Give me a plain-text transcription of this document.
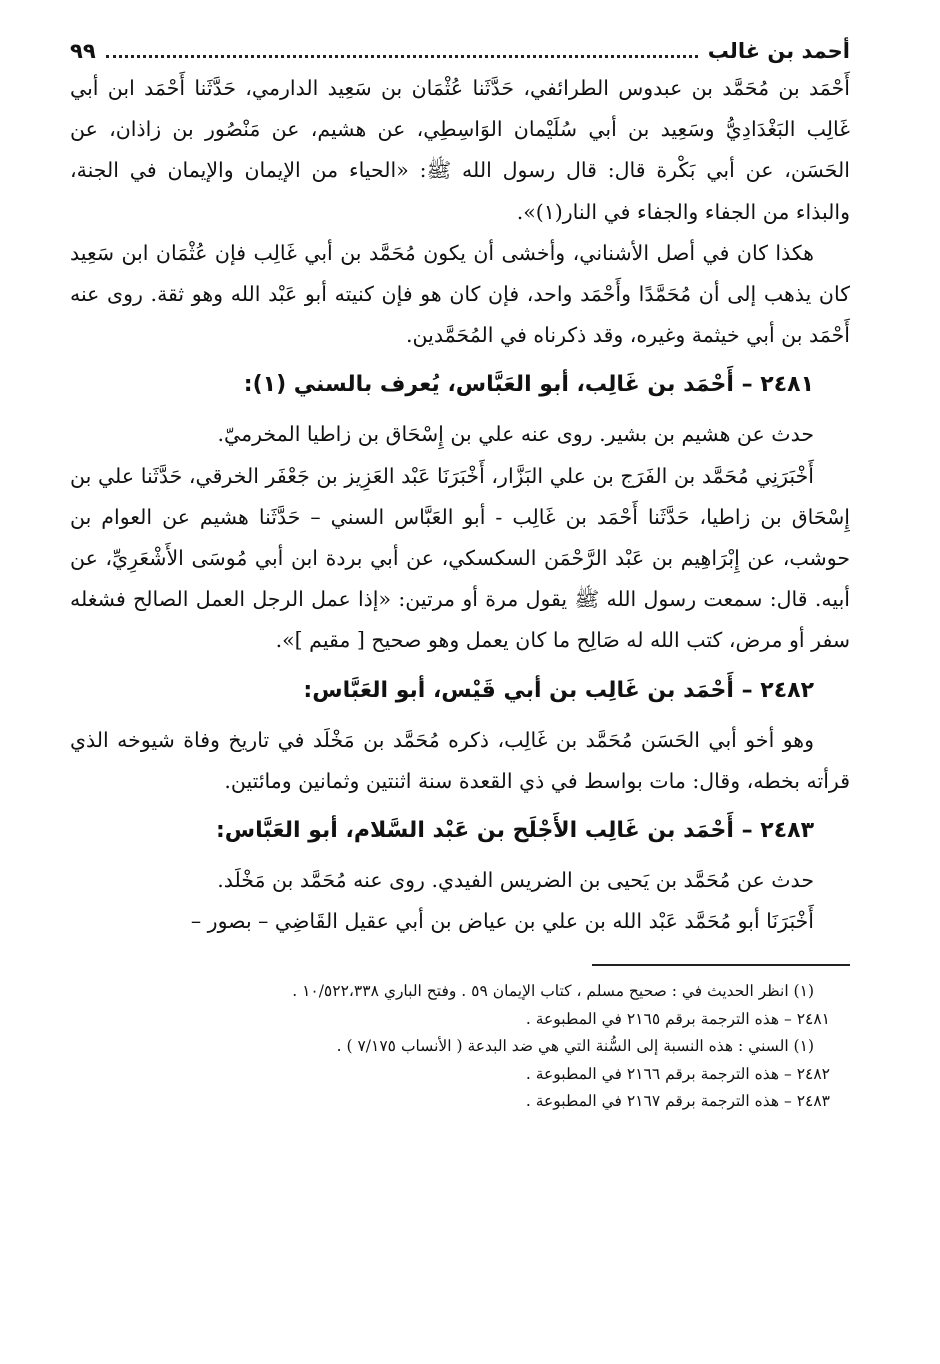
أحمد بن غالب
٩٩

أَحْمَد بن مُحَمَّد بن عبدوس الطرائفي، حَدَّثَنا عُثْمَان بن سَعِيد الدارمي، حَدَّثَنا أَحْمَد ابن أبي غَالِب البَغْدَادِيُّ وسَعِيد بن أبي سُلَيْمان الوَاسِطِي، عن هشيم، عن مَنْصُور بن زاذان، عن الحَسَن، عن أبي بَكْرة قال: قال رسول الله ﷺ: «الحياء من الإيمان والإيمان في الجنة، والبذاء من الجفاء والجفاء في النار(١)».

هكذا كان في أصل الأشناني، وأخشى أن يكون مُحَمَّد بن أبي غَالِب فإن عُثْمَان ابن سَعِيد كان يذهب إلى أن مُحَمَّدًا وأَحْمَد واحد، فإن كان هو فإن كنيته أبو عَبْد الله وهو ثقة. روى عنه أَحْمَد بن أبي خيثمة وغيره، وقد ذكرناه في المُحَمَّدين.

٢٤٨١ – أَحْمَد بن غَالِب، أبو العَبَّاس، يُعرف بالسني (١):

حدث عن هشيم بن بشير. روى عنه علي بن إِسْحَاق بن زاطيا المخرميّ.

أَخْبَرَنِي مُحَمَّد بن الفَرَج بن علي البَزَّار، أَخْبَرَنَا عَبْد العَزِيز بن جَعْفَر الخرقي، حَدَّثَنا علي بن إِسْحَاق بن زاطيا، حَدَّثَنا أَحْمَد بن غَالِب - أبو العَبَّاس السني – حَدَّثَنا هشيم عن العوام بن حوشب، عن إِبْرَاهِيم بن عَبْد الرَّحْمَن السكسكي، عن أبي بردة ابن أبي مُوسَى الأَشْعَرِيِّ، عن أبيه. قال: سمعت رسول الله ﷺ يقول مرة أو مرتين: «إذا عمل الرجل العمل الصالح فشغله سفر أو مرض، كتب الله له صَالِح ما كان يعمل وهو صحيح [ مقيم ]».

٢٤٨٢ – أَحْمَد بن غَالِب بن أبي قَيْس، أبو العَبَّاس:

وهو أخو أبي الحَسَن مُحَمَّد بن غَالِب، ذكره مُحَمَّد بن مَخْلَد في تاريخ وفاة شيوخه الذي قرأته بخطه، وقال: مات بواسط في ذي القعدة سنة اثنتين وثمانين ومائتين.

٢٤٨٣ – أَحْمَد بن غَالِب الأَجْلَح بن عَبْد السَّلام، أبو العَبَّاس:

حدث عن مُحَمَّد بن يَحيى بن الضريس الفيدي. روى عنه مُحَمَّد بن مَخْلَد.

أَخْبَرَنَا أبو مُحَمَّد عَبْد الله بن علي بن عياض بن أبي عقيل القَاضِي – بصور –

(١) انظر الحديث في : صحيح مسلم ، كتاب الإيمان ٥٩ . وفتح الباري ١٠/٥٢٢،٣٣٨ .

٢٤٨١ – هذه الترجمة برقم ٢١٦٥ في المطبوعة .

(١) السني : هذه النسبة إلى السُّنة التي هي ضد البدعة ( الأنساب ٧/١٧٥ ) .

٢٤٨٢ – هذه الترجمة برقم ٢١٦٦ في المطبوعة .

٢٤٨٣ – هذه الترجمة برقم ٢١٦٧ في المطبوعة .
